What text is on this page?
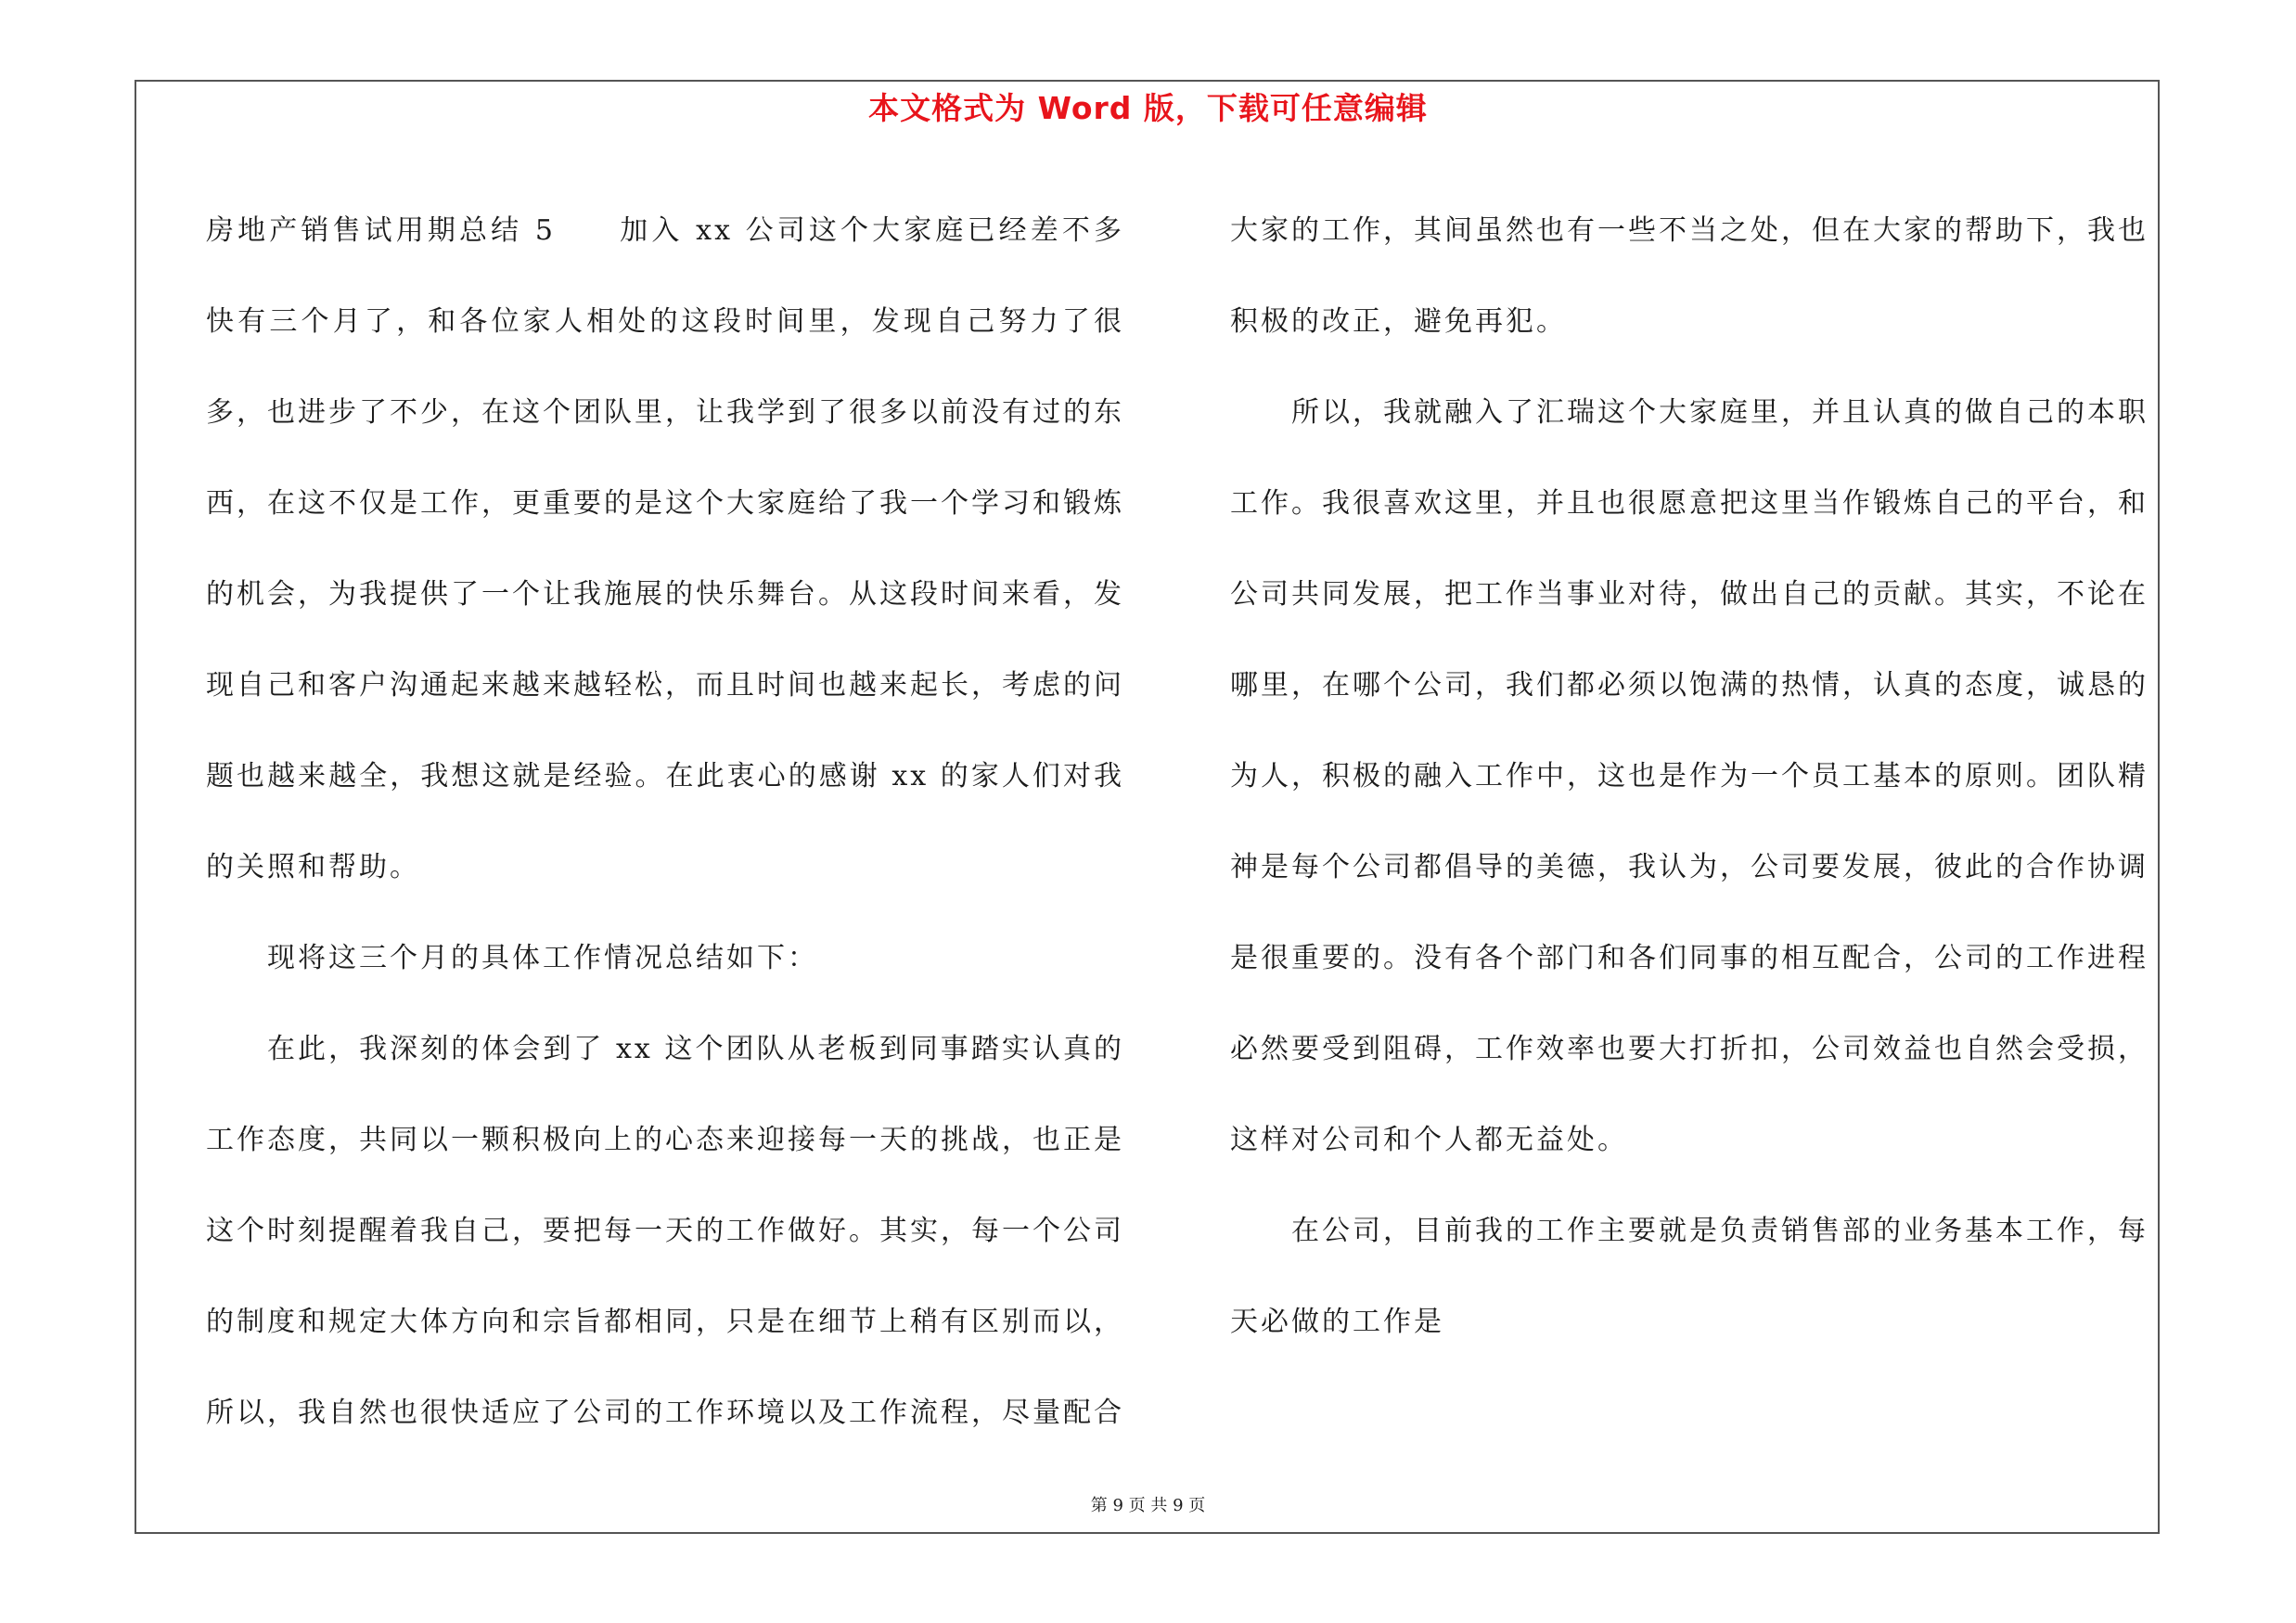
本文格式为 Word 版，下载可任意编辑

房地产销售试用期总结 5　　加入 xx 公司这个大家庭已经差不多快有三个月了，和各位家人相处的这段时间里，发现自己努力了很多，也进步了不少，在这个团队里，让我学到了很多以前没有过的东西，在这不仅是工作，更重要的是这个大家庭给了我一个学习和锻炼的机会，为我提供了一个让我施展的快乐舞台。从这段时间来看，发现自己和客户沟通起来越来越轻松，而且时间也越来起长，考虑的问题也越来越全，我想这就是经验。在此衷心的感谢 xx 的家人们对我的关照和帮助。

现将这三个月的具体工作情况总结如下：

在此，我深刻的体会到了 xx 这个团队从老板到同事踏实认真的工作态度，共同以一颗积极向上的心态来迎接每一天的挑战，也正是这个时刻提醒着我自己，要把每一天的工作做好。其实，每一个公司的制度和规定大体方向和宗旨都相同，只是在细节上稍有区别而以，所以，我自然也很快适应了公司的工作环境以及工作流程，尽量配合

大家的工作，其间虽然也有一些不当之处，但在大家的帮助下，我也积极的改正，避免再犯。

所以，我就融入了汇瑞这个大家庭里，并且认真的做自己的本职工作。我很喜欢这里，并且也很愿意把这里当作锻炼自己的平台，和公司共同发展，把工作当事业对待，做出自己的贡献。其实，不论在哪里，在哪个公司，我们都必须以饱满的热情，认真的态度，诚恳的为人，积极的融入工作中，这也是作为一个员工基本的原则。团队精神是每个公司都倡导的美德，我认为，公司要发展，彼此的合作协调是很重要的。没有各个部门和各们同事的相互配合，公司的工作进程必然要受到阻碍，工作效率也要大打折扣，公司效益也自然会受损，这样对公司和个人都无益处。

在公司，目前我的工作主要就是负责销售部的业务基本工作，每天必做的工作是

第 9 页 共 9 页
